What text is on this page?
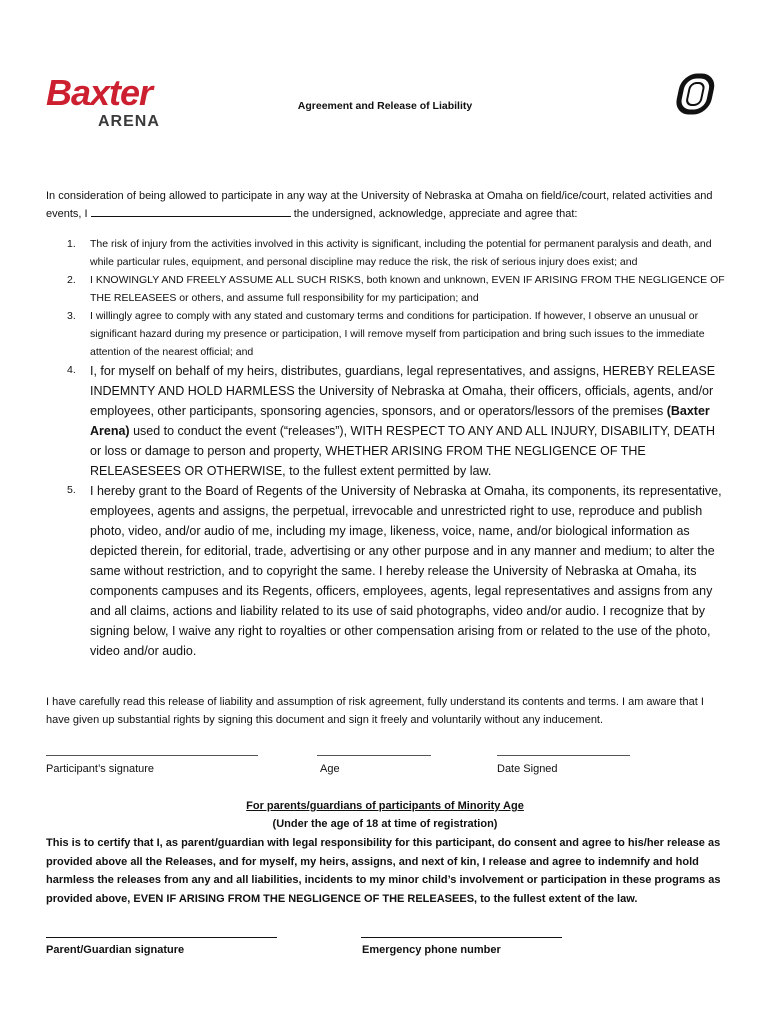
Baxter
ARENA
Agreement and Release of Liability
In consideration of being allowed to participate in any way at the University of Nebraska at Omaha on field/ice/court, related activities and events, I	the undersigned, acknowledge, appreciate and agree that:
1. The risk of injury from the activities involved in this activity is significant, including the potential for permanent paralysis and death, and while particular rules, equipment, and personal discipline may reduce the risk, the risk of serious injury does exist; and
2. I KNOWINGLY AND FREELY ASSUME ALL SUCH RISKS, both known and unknown, EVEN IF ARISING FROM THE NEGLIGENCE OF THE RELEASEES or others, and assume full responsibility for my participation; and
3. I willingly agree to comply with any stated and customary terms and conditions for participation. If however, I observe an unusual or significant hazard during my presence or participation, I will remove myself from participation and bring such issues to the immediate attention of the nearest official; and
4. I, for myself on behalf of my heirs, distributes, guardians, legal representatives, and assigns, HEREBY RELEASE INDEMNTY AND HOLD HARMLESS the University of Nebraska at Omaha, their officers, officials, agents, and/or employees, other participants, sponsoring agencies, sponsors, and or operators/lessors of the premises (Baxter Arena) used to conduct the event (“releases”), WITH RESPECT TO ANY AND ALL INJURY, DISABILITY, DEATH or loss or damage to person and property, WHETHER ARISING FROM THE NEGLIGENCE OF THE RELEASESEES OR OTHERWISE, to the fullest extent permitted by law.
5. I hereby grant to the Board of Regents of the University of Nebraska at Omaha, its components, its representative, employees, agents and assigns, the perpetual, irrevocable and unrestricted right to use, reproduce and publish photo, video, and/or audio of me, including my image, likeness, voice, name, and/or biological information as depicted therein, for editorial, trade, advertising or any other purpose and in any manner and medium; to alter the same without restriction, and to copyright the same. I hereby release the University of Nebraska at Omaha, its components campuses and its Regents, officers, employees, agents, legal representatives and assigns from any and all claims, actions and liability related to its use of said photographs, video and/or audio. I recognize that by signing below, I waive any right to royalties or other compensation arising from or related to the use of the photo, video and/or audio.
I have carefully read this release of liability and assumption of risk agreement, fully understand its contents and terms. I am aware that I have given up substantial rights by signing this document and sign it freely and voluntarily without any inducement.
Participant’s signature	Age	Date Signed
For parents/guardians of participants of Minority Age
(Under the age of 18 at time of registration)
This is to certify that I, as parent/guardian with legal responsibility for this participant, do consent and agree to his/her release as provided above all the Releases, and for myself, my heirs, assigns, and next of kin, I release and agree to indemnify and hold harmless the releases from any and all liabilities, incidents to my minor child’s involvement or participation in these programs as provided above, EVEN IF ARISING FROM THE NEGLIGENCE OF THE RELEASEES, to the fullest extent of the law.
Parent/Guardian signature	Emergency phone number
